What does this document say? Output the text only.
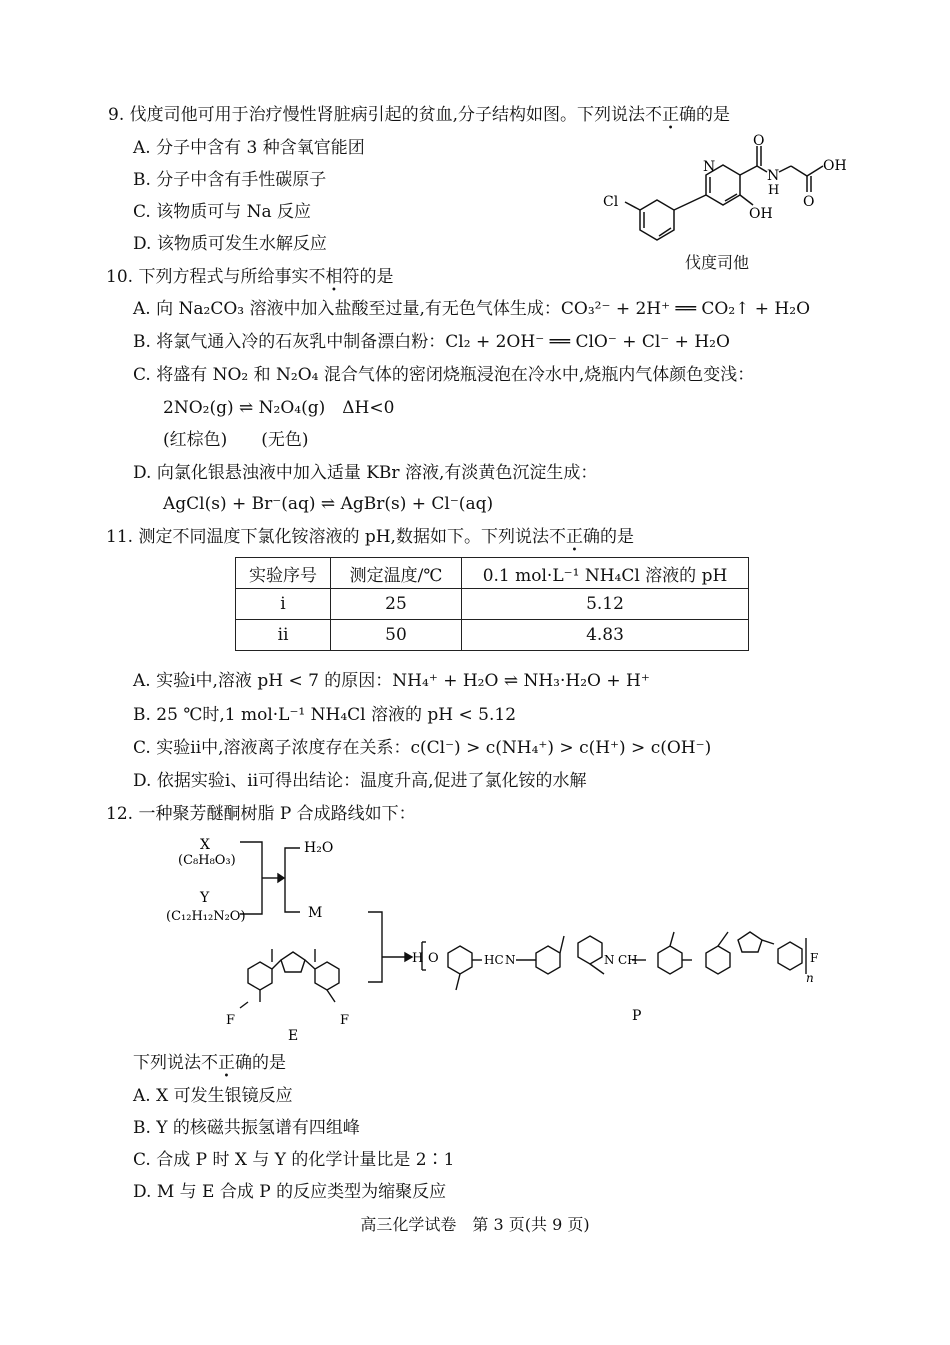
9. 伐度司他可用于治疗慢性肾脏病引起的贫血,分子结构如图。下列说法不正确的是
A. 分子中含有 3 种含氧官能团
B. 分子中含有手性碳原子
C. 该物质可与 Na 反应
D. 该物质可发生水解反应
N
N
H
OH
OH
O
O
Cl
伐度司他
10. 下列方程式与所给事实不相符的是
A. 向 Na₂CO₃ 溶液中加入盐酸至过量,有无色气体生成：CO₃²⁻ + 2H⁺ ══ CO₂↑ + H₂O
B. 将氯气通入冷的石灰乳中制备漂白粉：Cl₂ + 2OH⁻ ══ ClO⁻ + Cl⁻ + H₂O
C. 将盛有 NO₂ 和 N₂O₄ 混合气体的密闭烧瓶浸泡在冷水中,烧瓶内气体颜色变浅：
2NO₂(g) ⇌ N₂O₄(g)　ΔH<0
(红棕色)　　(无色)
D. 向氯化银悬浊液中加入适量 KBr 溶液,有淡黄色沉淀生成：
AgCl(s) + Br⁻(aq) ⇌ AgBr(s) + Cl⁻(aq)
11. 测定不同温度下氯化铵溶液的 pH,数据如下。下列说法不正确的是
实验序号	测定温度/℃	0.1 mol·L⁻¹ NH₄Cl 溶液的 pH
ⅰ	25	5.12
ⅱ	50	4.83
A. 实验ⅰ中,溶液 pH < 7 的原因：NH₄⁺ + H₂O ⇌ NH₃·H₂O + H⁺
B. 25 ℃时,1 mol·L⁻¹ NH₄Cl 溶液的 pH < 5.12
C. 实验ⅱ中,溶液离子浓度存在关系：c(Cl⁻) > c(NH₄⁺) > c(H⁺) > c(OH⁻)
D. 依据实验ⅰ、ⅱ可得出结论：温度升高,促进了氯化铵的水解
12. 一种聚芳醚酮树脂 P 合成路线如下：
X
(C₈H₈O₃)
Y
(C₁₂H₁₂N₂O)
H₂O
M
E
P
F	F
F
H O	HC N	N CH
n
下列说法不正确的是
A. X 可发生银镜反应
B. Y 的核磁共振氢谱有四组峰
C. 合成 P 时 X 与 Y 的化学计量比是 2∶1
D. M 与 E 合成 P 的反应类型为缩聚反应
高三化学试卷　第 3 页(共 9 页)
